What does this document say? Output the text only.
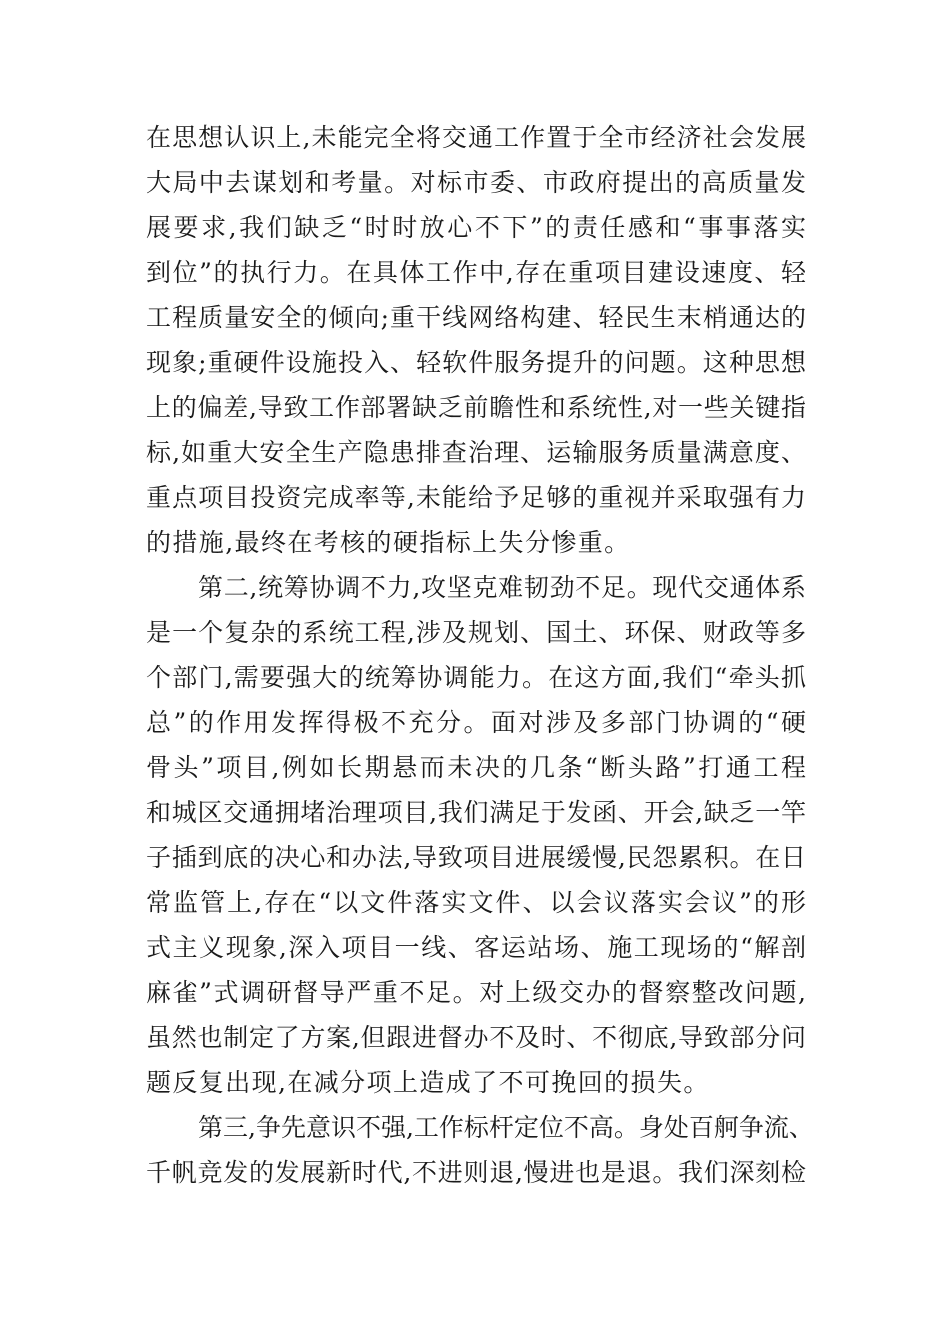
在思想认识上,未能完全将交通工作置于全市经济社会发展
大局中去谋划和考量。对标市委、市政府提出的高质量发
展要求,我们缺乏“时时放心不下”的责任感和“事事落实
到位”的执行力。在具体工作中,存在重项目建设速度、轻
工程质量安全的倾向;重干线网络构建、轻民生末梢通达的
现象;重硬件设施投入、轻软件服务提升的问题。这种思想
上的偏差,导致工作部署缺乏前瞻性和系统性,对一些关键指
标,如重大安全生产隐患排查治理、运输服务质量满意度、
重点项目投资完成率等,未能给予足够的重视并采取强有力
的措施,最终在考核的硬指标上失分惨重。
第二,统筹协调不力,攻坚克难韧劲不足。现代交通体系
是一个复杂的系统工程,涉及规划、国土、环保、财政等多
个部门,需要强大的统筹协调能力。在这方面,我们“牵头抓
总”的作用发挥得极不充分。面对涉及多部门协调的“硬
骨头”项目,例如长期悬而未决的几条“断头路”打通工程
和城区交通拥堵治理项目,我们满足于发函、开会,缺乏一竿
子插到底的决心和办法,导致项目进展缓慢,民怨累积。在日
常监管上,存在“以文件落实文件、以会议落实会议”的形
式主义现象,深入项目一线、客运站场、施工现场的“解剖
麻雀”式调研督导严重不足。对上级交办的督察整改问题,
虽然也制定了方案,但跟进督办不及时、不彻底,导致部分问
题反复出现,在减分项上造成了不可挽回的损失。
第三,争先意识不强,工作标杆定位不高。身处百舸争流、
千帆竞发的发展新时代,不进则退,慢进也是退。我们深刻检
